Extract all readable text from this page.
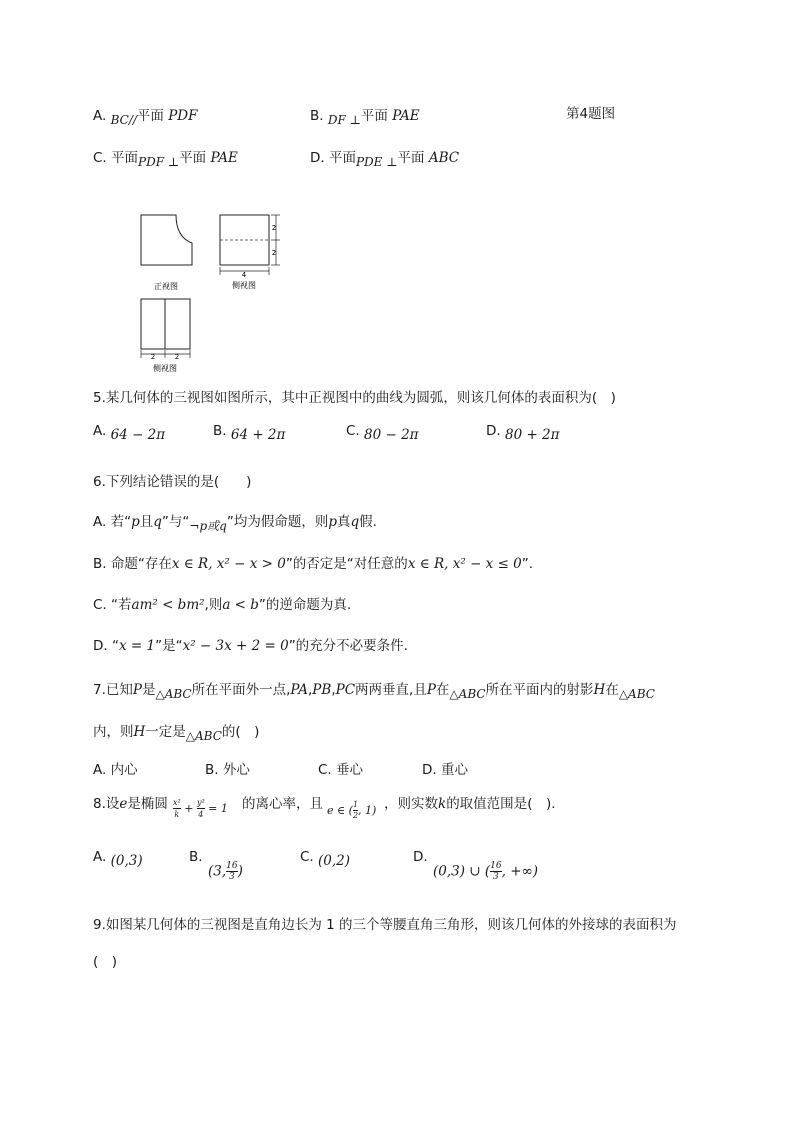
第4题图
A. BC//平面 PDF	B. DF ⊥平面 PAE
C. 平面PDF ⊥平面 PAE	D. 平面PDE ⊥平面 ABC
正视图
2
2
4
侧视图
2	2
侧视图
5.某几何体的三视图如图所示，其中正视图中的曲线为圆弧，则该几何体的表面积为(　)
A. 64 − 2π	B. 64 + 2π	C. 80 − 2π	D. 80 + 2π
6.下列结论错误的是(　　)
A. 若“p且q”与“¬p或q”均为假命题，则p真q假.
B. 命题“存在x ∈ R, x² − x > 0”的否定是“对任意的x ∈ R, x² − x ≤ 0”.
C. “若am² < bm²,则a < b”的逆命题为真.
D. “x = 1”是“x² − 3x + 2 = 0”的充分不必要条件.
7.已知P是△ABC所在平面外一点,PA,PB,PC两两垂直,且P在△ABC所在平面内的射影H在△ABC
内，则H一定是△ABC的(　)
A. 内心	B. 外心	C. 垂心	D. 重心
8.设e是椭圆 $\frac{\text{x²}}{k} + \frac{\text{y²}}{4} = 1$ 的离心率，且 e ∈ ( $\frac{1}{2}$ , 1) ，则实数k的取值范围是(　).
A. (0,3)	B.
(3, $\frac{16}{3}$ )
C. (0,2)	D.
(0,3) ∪ ( $\frac{16}{3}$ , +∞)
9.如图某几何体的三视图是直角边长为 1 的三个等腰直角三角形，则该几何体的外接球的表面积为
(　)
